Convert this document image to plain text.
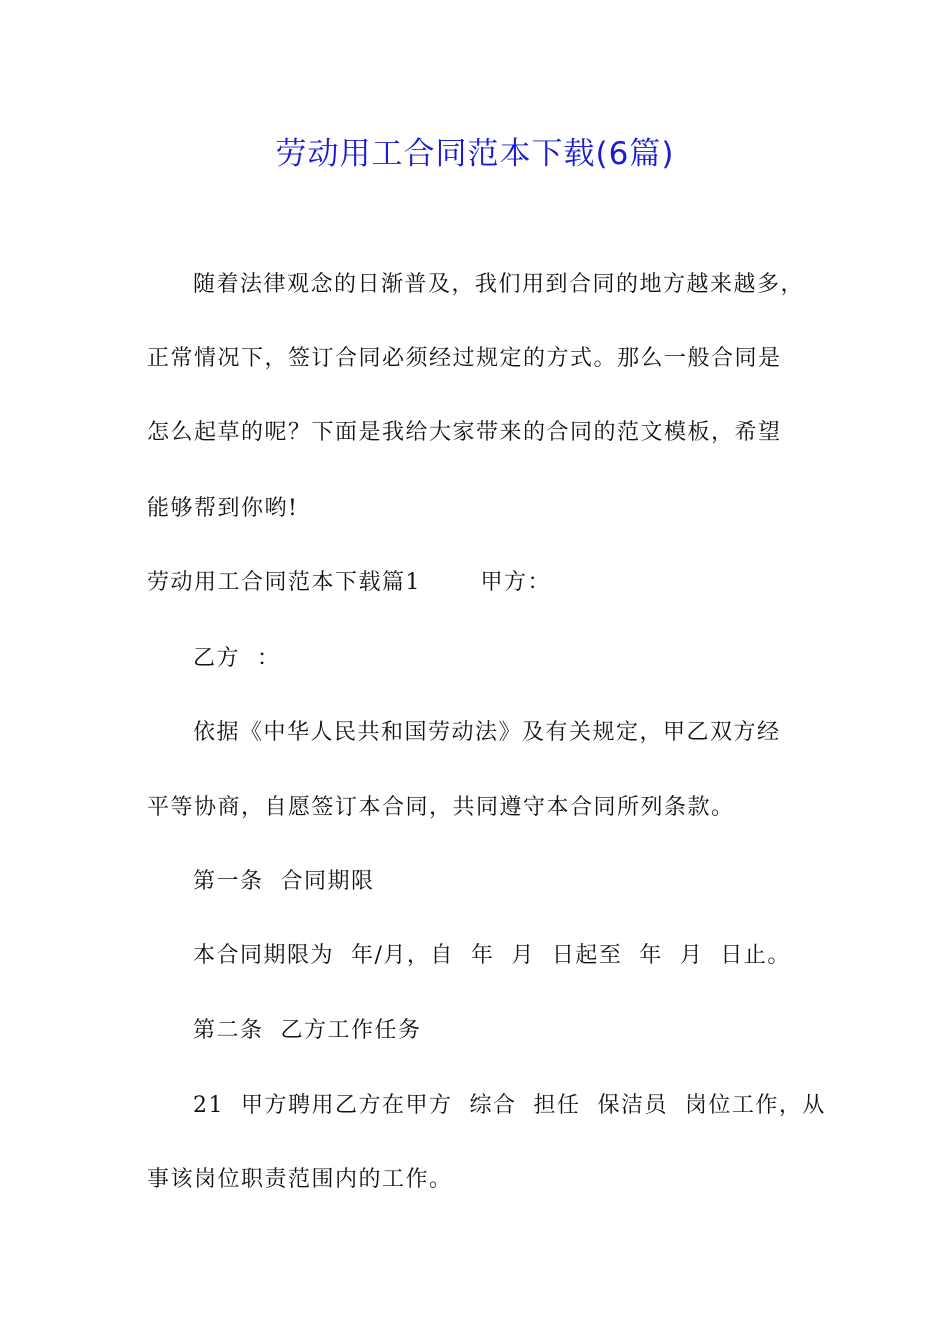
劳动用工合同范本下载(6篇)

随着法律观念的日渐普及，我们用到合同的地方越来越多，

正常情况下，签订合同必须经过规定的方式。那么一般合同是

怎么起草的呢？下面是我给大家带来的合同的范文模板，希望

能够帮到你哟!

劳动用工合同范本下载篇1       甲方：

乙方  ：

依据《中华人民共和国劳动法》及有关规定，甲乙双方经

平等协商，自愿签订本合同，共同遵守本合同所列条款。

第一条  合同期限

本合同期限为  年/月，自  年  月  日起至  年  月  日止。

第二条  乙方工作任务

21  甲方聘用乙方在甲方  综合  担任  保洁员  岗位工作，从

事该岗位职责范围内的工作。
